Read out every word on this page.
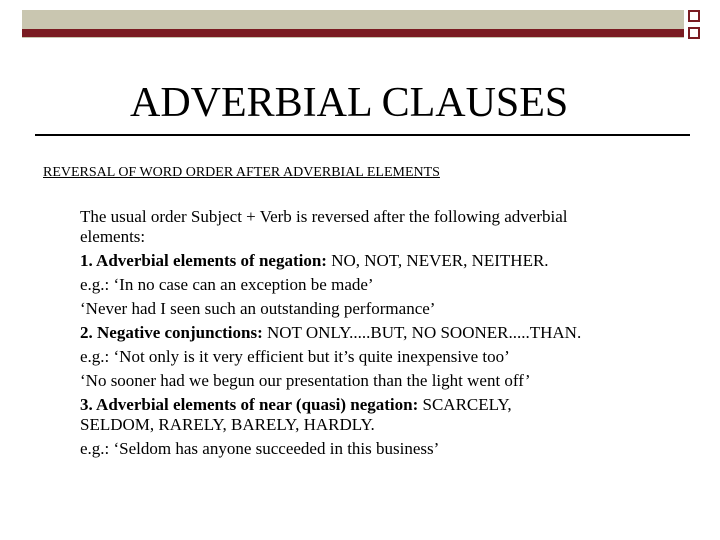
ADVERBIAL CLAUSES
REVERSAL OF WORD ORDER AFTER ADVERBIAL ELEMENTS
The usual order Subject + Verb is reversed after the following adverbial
elements:
1. Adverbial elements of negation: NO, NOT, NEVER, NEITHER.
e.g.: ‘In no case can an exception be made’
‘Never had I seen such an outstanding performance’
2. Negative conjunctions: NOT ONLY.....BUT, NO SOONER.....THAN.
e.g.: ‘Not only is it very efficient but it’s quite inexpensive too’
‘No sooner had we begun our presentation than the light went off’
3. Adverbial elements of near (quasi) negation: SCARCELY,
SELDOM, RARELY, BARELY, HARDLY.
e.g.: ‘Seldom has anyone succeeded in this business’
